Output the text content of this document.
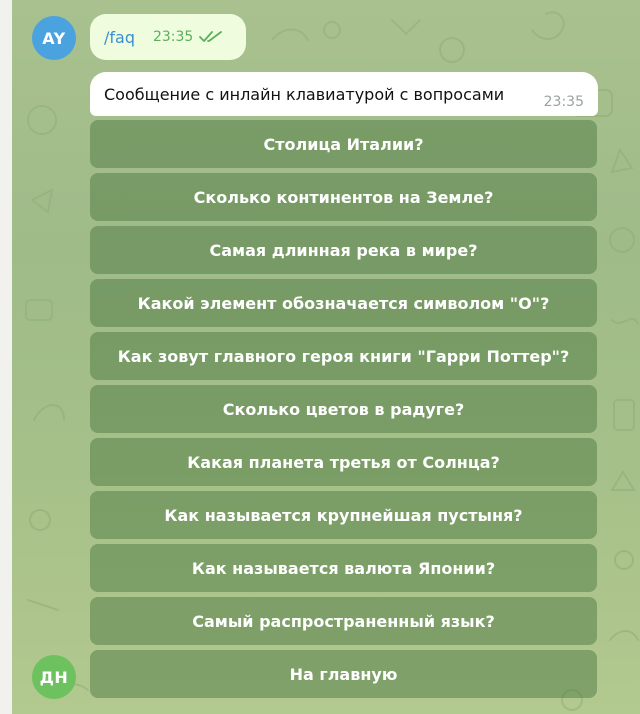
AY	/faq 23:35
Сообщение с инлайн клавиатурой с вопросами	23:35
Столица Италии?
Сколько континентов на Земле?
Самая длинная река в мире?
Какой элемент обозначается символом "O"?
Как зовут главного героя книги "Гарри Поттер"?
Сколько цветов в радуге?
Какая планета третья от Солнца?
Как называется крупнейшая пустыня?
Как называется валюта Японии?
Самый распространенный язык?
На главную
ДН
